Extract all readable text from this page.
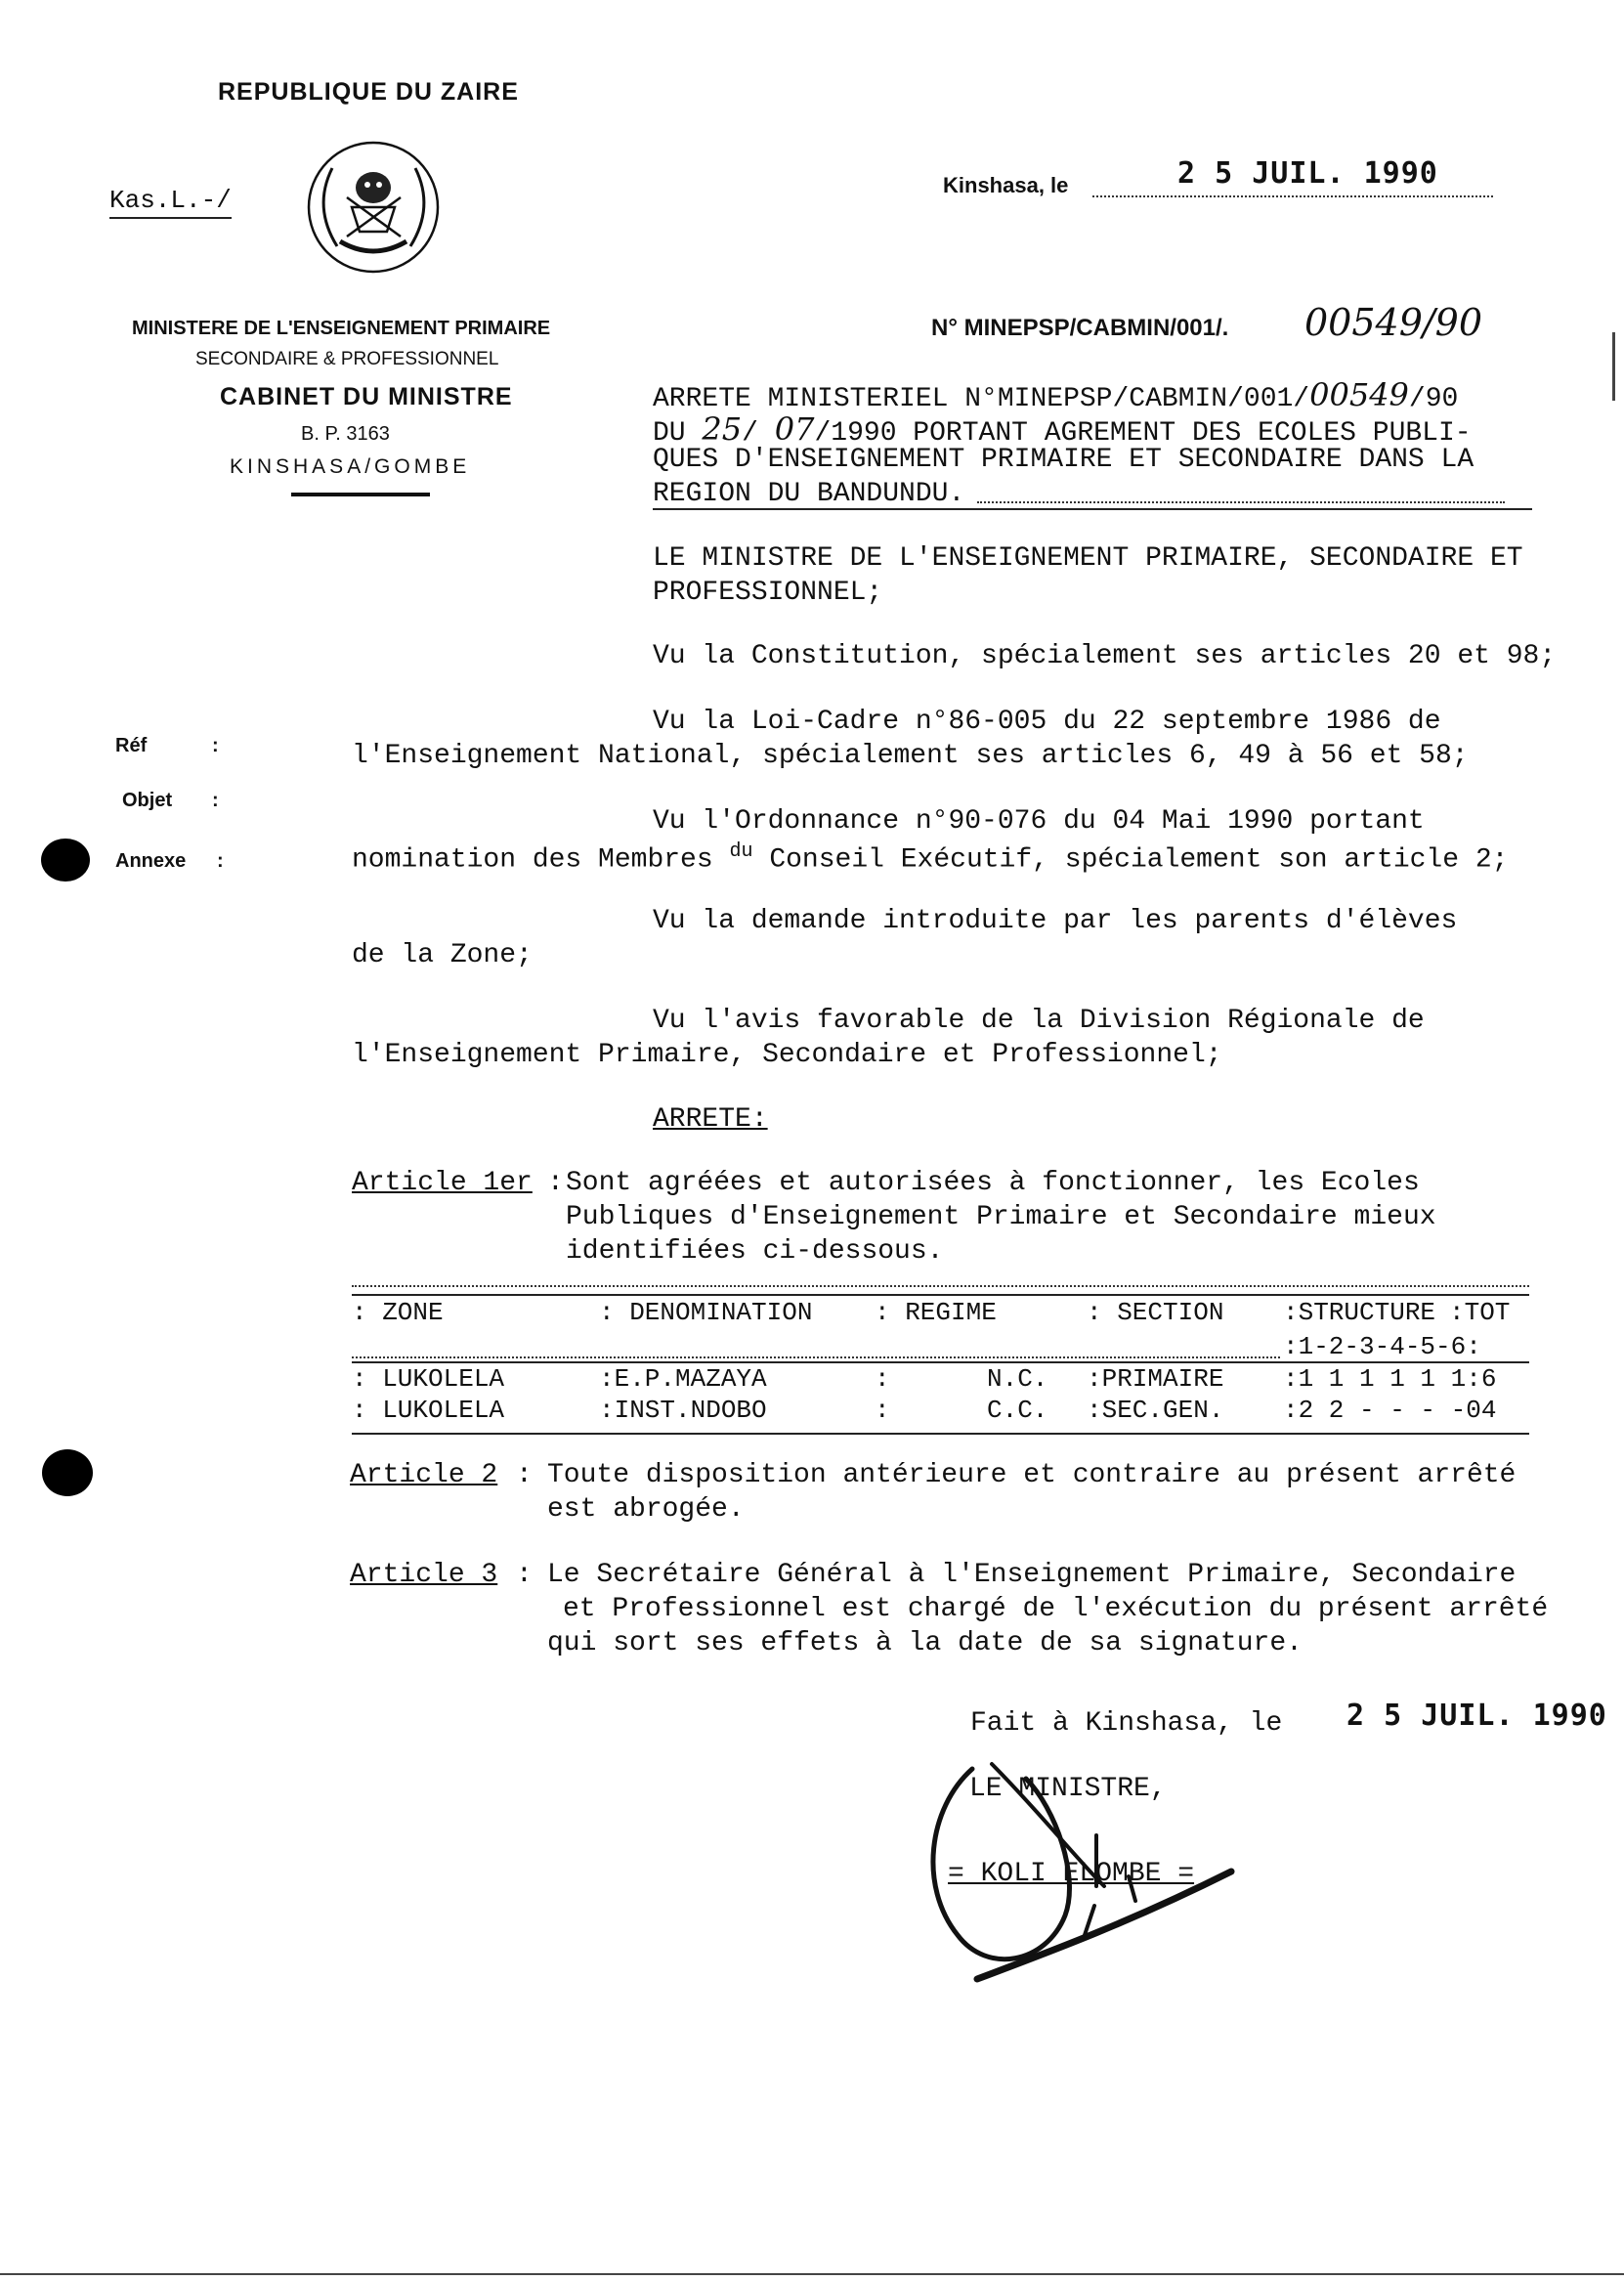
REPUBLIQUE DU ZAIRE
Kas.L.-/
MINISTERE DE L'ENSEIGNEMENT PRIMAIRE
SECONDAIRE & PROFESSIONNEL
CABINET DU MINISTRE
B. P. 3163
KINSHASA/GOMBE
Kinshasa, le	2 5 JUIL. 1990
N° MINEPSP/CABMIN/001/. 00549/90
Réf	:
Objet :
Annexe :
ARRETE MINISTERIEL N°MINEPSP/CABMIN/001/00549/90
DU 25/ 07/1990 PORTANT AGREMENT DES ECOLES PUBLI-
QUES D'ENSEIGNEMENT PRIMAIRE ET SECONDAIRE DANS LA
REGION DU BANDUNDU.
LE MINISTRE DE L'ENSEIGNEMENT PRIMAIRE, SECONDAIRE ET
PROFESSIONNEL;
Vu la Constitution, spécialement ses articles 20 et 98;
Vu la Loi-Cadre n°86-005 du 22 septembre 1986 de
l'Enseignement National, spécialement ses articles 6, 49 à 56 et 58;
Vu l'Ordonnance n°90-076 du 04 Mai 1990 portant
nomination des Membres $^{du}$ Conseil Exécutif, spécialement son article 2;
Vu la demande introduite par les parents d'élèves
de la Zone;
Vu l'avis favorable de la Division Régionale de
l'Enseignement Primaire, Secondaire et Professionnel;
ARRETE:
Article 1er : Sont agréées et autorisées à fonctionner, les Ecoles
Publiques d'Enseignement Primaire et Secondaire mieux
identifiées ci-dessous.
: ZONE	: DENOMINATION : REGIME	: SECTION :STRUCTURE :TOT
:1-2-3-4-5-6:
: LUKOLELA	:E.P.MAZAYA	:	N.C. :PRIMAIRE :1 1 1 1 1 1:6
: LUKOLELA	:INST.NDOBO	:	C.C. :SEC.GEN. :2 2 - - - -04
Article 2 : Toute disposition antérieure et contraire au présent arrêté
est abrogée.
Article 3 : Le Secrétaire Général à l'Enseignement Primaire, Secondaire
et Professionnel est chargé de l'exécution du présent arrêté
qui sort ses effets à la date de sa signature.
Fait à Kinshasa, le 2 5 JUIL. 1990
LE MINISTRE,
= KOLI ELOMBE =
